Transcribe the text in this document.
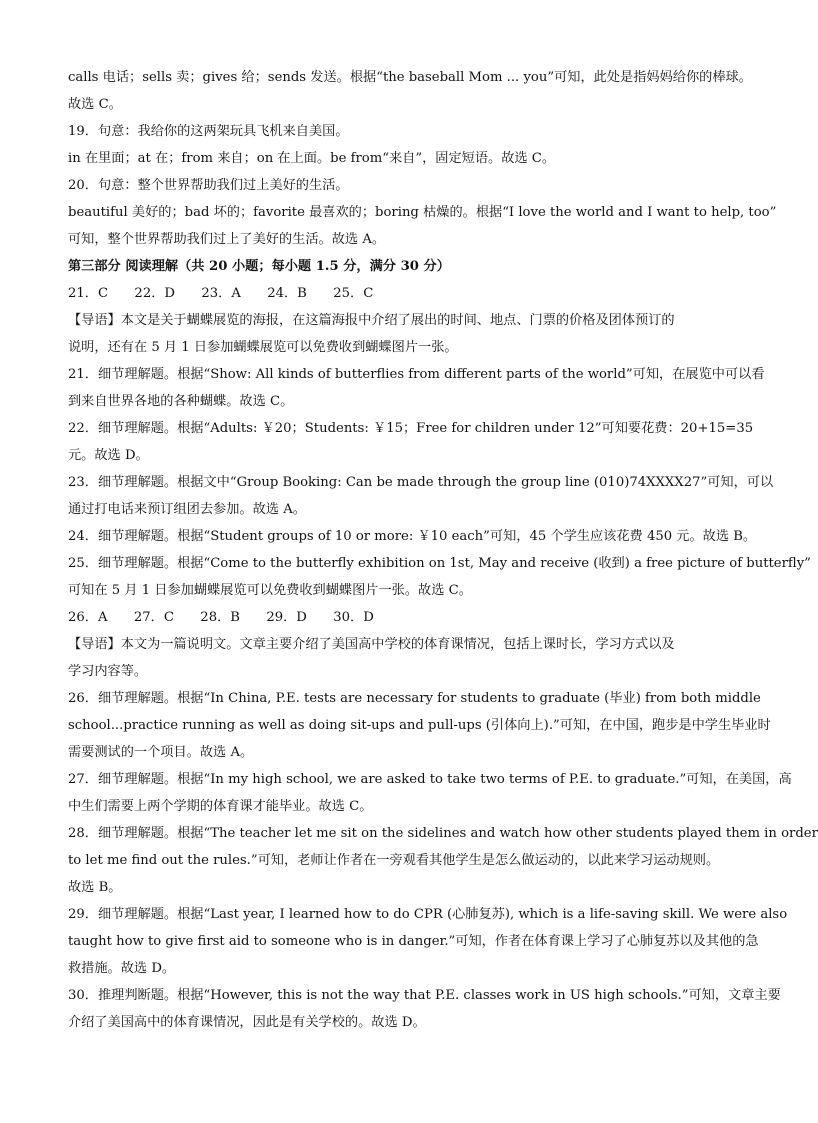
calls 电话；sells 卖；gives 给；sends 发送。根据“the baseball Mom ... you”可知，此处是指妈妈给你的棒球。
故选 C。
19．句意：我给你的这两架玩具飞机来自美国。
in 在里面；at 在；from 来自；on 在上面。be from“来自”，固定短语。故选 C。
20．句意：整个世界帮助我们过上美好的生活。
beautiful 美好的；bad 坏的；favorite 最喜欢的；boring 枯燥的。根据“I love the world and I want to help, too”
可知，整个世界帮助我们过上了美好的生活。故选 A。
第三部分 阅读理解（共 20 小题；每小题 1.5 分，满分 30 分）
21．C　　22．D　　23．A　　24．B　　25．C
【导语】本文是关于蝴蝶展览的海报，在这篇海报中介绍了展出的时间、地点、门票的价格及团体预订的
说明，还有在 5 月 1 日参加蝴蝶展览可以免费收到蝴蝶图片一张。
21．细节理解题。根据“Show: All kinds of butterflies from different parts of the world”可知，在展览中可以看
到来自世界各地的各种蝴蝶。故选 C。
22．细节理解题。根据“Adults: ￥20；Students: ￥15；Free for children under 12”可知要花费：20+15=35
元。故选 D。
23．细节理解题。根据文中“Group Booking: Can be made through the group line (010)74XXXX27”可知，可以
通过打电话来预订组团去参加。故选 A。
24．细节理解题。根据“Student groups of 10 or more: ￥10 each”可知，45 个学生应该花费 450 元。故选 B。
25．细节理解题。根据“Come to the butterfly exhibition on 1st, May and receive (收到) a free picture of butterfly”
可知在 5 月 1 日参加蝴蝶展览可以免费收到蝴蝶图片一张。故选 C。
26．A　　27．C　　28．B　　29．D　　30．D
【导语】本文为一篇说明文。文章主要介绍了美国高中学校的体育课情况，包括上课时长，学习方式以及
学习内容等。
26．细节理解题。根据“In China, P.E. tests are necessary for students to graduate (毕业) from both middle
school...practice running as well as doing sit-ups and pull-ups (引体向上).”可知，在中国，跑步是中学生毕业时
需要测试的一个项目。故选 A。
27．细节理解题。根据“In my high school, we are asked to take two terms of P.E. to graduate.”可知，在美国，高
中生们需要上两个学期的体育课才能毕业。故选 C。
28．细节理解题。根据“The teacher let me sit on the sidelines and watch how other students played them in order
to let me find out the rules.”可知，老师让作者在一旁观看其他学生是怎么做运动的，以此来学习运动规则。
故选 B。
29．细节理解题。根据“Last year, I learned how to do CPR (心肺复苏), which is a life-saving skill. We were also
taught how to give first aid to someone who is in danger.”可知，作者在体育课上学习了心肺复苏以及其他的急
救措施。故选 D。
30．推理判断题。根据“However, this is not the way that P.E. classes work in US high schools.”可知，文章主要
介绍了美国高中的体育课情况，因此是有关学校的。故选 D。
